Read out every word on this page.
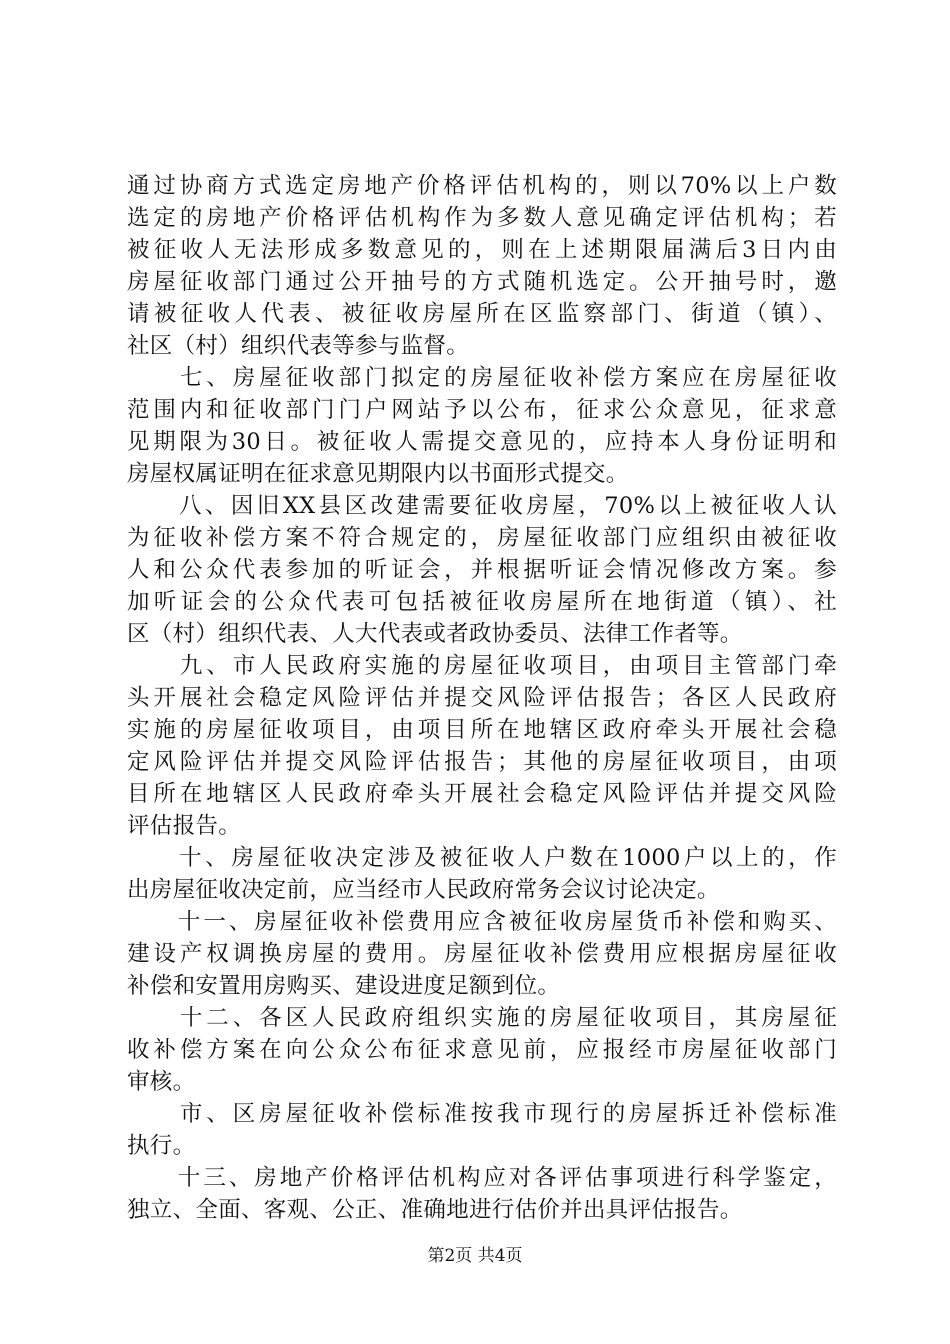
通过协商方式选定房地产价格评估机构的，则以70%以上户数
选定的房地产价格评估机构作为多数人意见确定评估机构；若
被征收人无法形成多数意见的，则在上述期限届满后3日内由
房屋征收部门通过公开抽号的方式随机选定。公开抽号时，邀
请被征收人代表、被征收房屋所在区监察部门、街道（镇）、
社区（村）组织代表等参与监督。
　　七、房屋征收部门拟定的房屋征收补偿方案应在房屋征收
范围内和征收部门门户网站予以公布，征求公众意见，征求意
见期限为30日。被征收人需提交意见的，应持本人身份证明和
房屋权属证明在征求意见期限内以书面形式提交。
　　八、因旧XX县区改建需要征收房屋，70%以上被征收人认
为征收补偿方案不符合规定的，房屋征收部门应组织由被征收
人和公众代表参加的听证会，并根据听证会情况修改方案。参
加听证会的公众代表可包括被征收房屋所在地街道（镇）、社
区（村）组织代表、人大代表或者政协委员、法律工作者等。
　　九、市人民政府实施的房屋征收项目，由项目主管部门牵
头开展社会稳定风险评估并提交风险评估报告；各区人民政府
实施的房屋征收项目，由项目所在地辖区政府牵头开展社会稳
定风险评估并提交风险评估报告；其他的房屋征收项目，由项
目所在地辖区人民政府牵头开展社会稳定风险评估并提交风险
评估报告。
　　十、房屋征收决定涉及被征收人户数在1000户以上的，作
出房屋征收决定前，应当经市人民政府常务会议讨论决定。
　　十一、房屋征收补偿费用应含被征收房屋货币补偿和购买、
建设产权调换房屋的费用。房屋征收补偿费用应根据房屋征收
补偿和安置用房购买、建设进度足额到位。
　　十二、各区人民政府组织实施的房屋征收项目，其房屋征
收补偿方案在向公众公布征求意见前，应报经市房屋征收部门
审核。
　　市、区房屋征收补偿标准按我市现行的房屋拆迁补偿标准
执行。
　　十三、房地产价格评估机构应对各评估事项进行科学鉴定，
独立、全面、客观、公正、准确地进行估价并出具评估报告。
第2页 共4页
